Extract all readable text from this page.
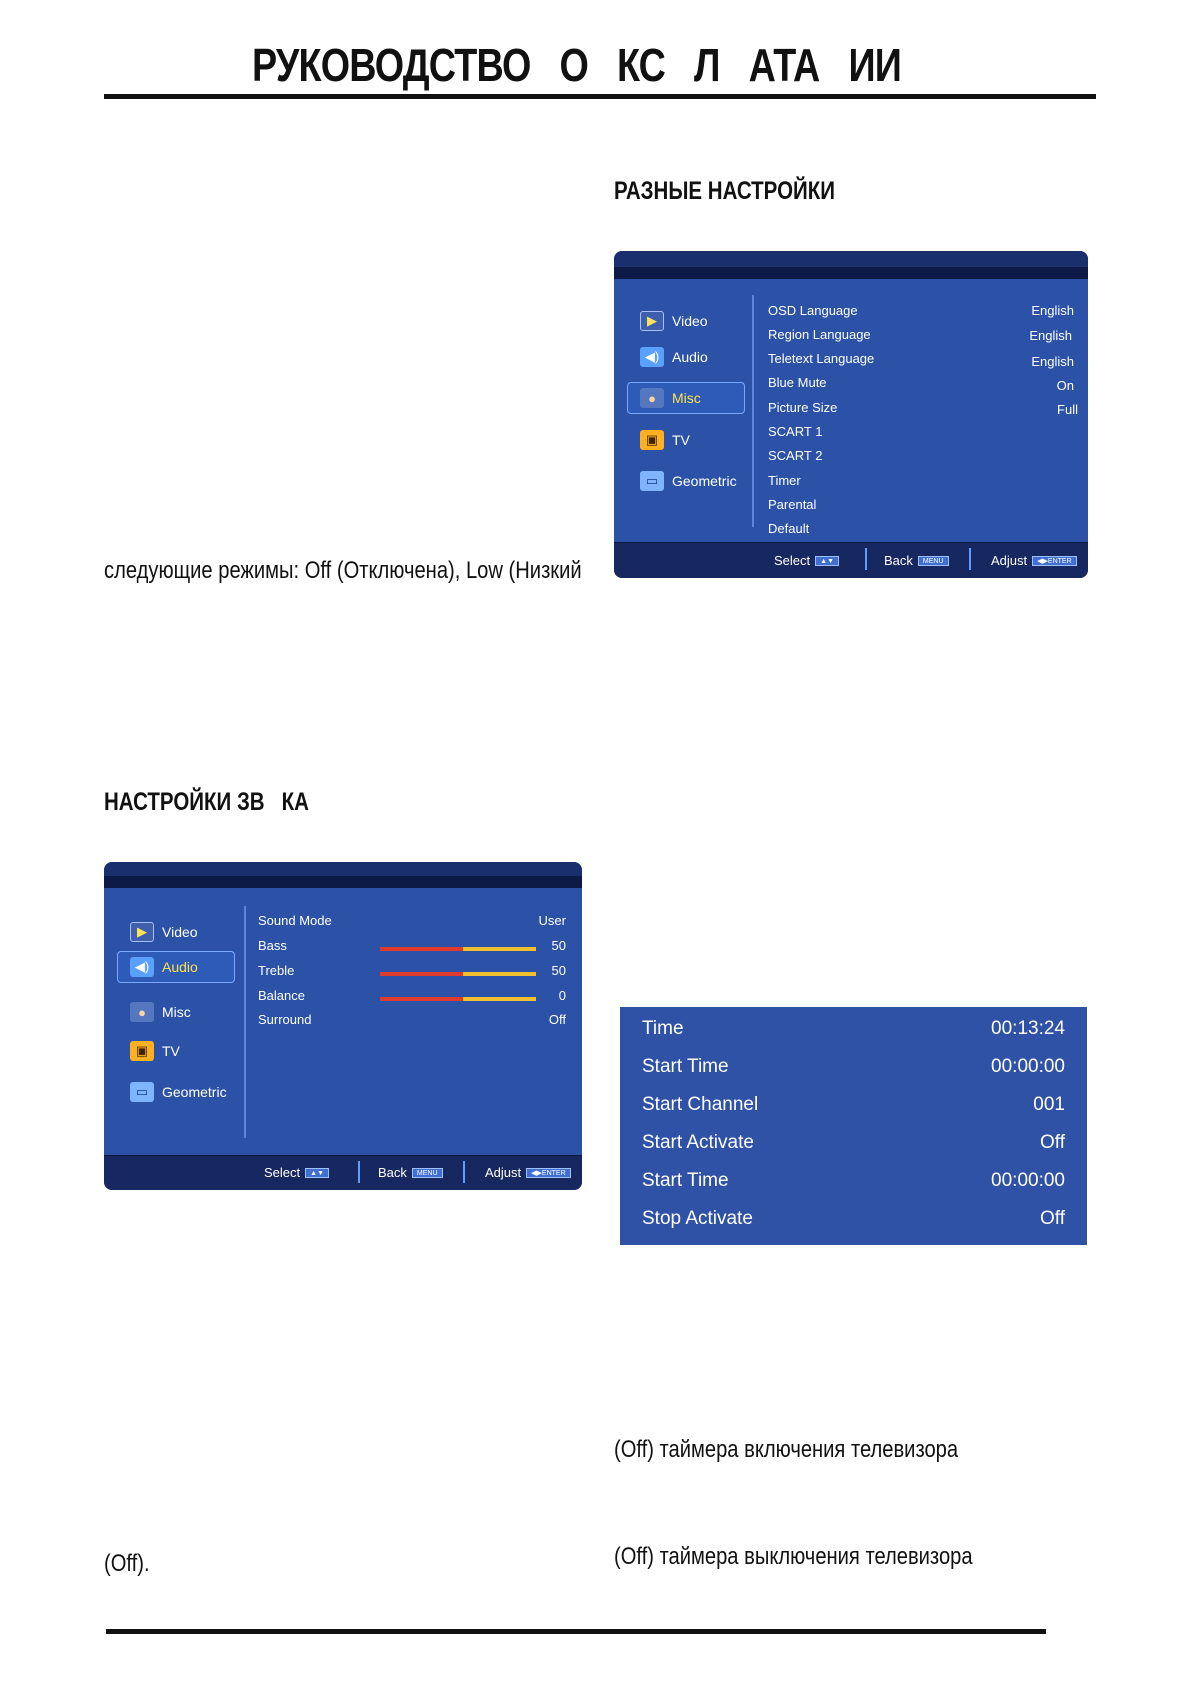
РУКОВОДСТВО   О   КС   Л   АТА   ИИ
РАЗНЫЕ НАСТРОЙКИ
▶	Video
◀) Audio
●	Misc
▣ TV
▭ Geometric
OSD Language	English
Region Language	English
Teletext Language	English
Blue Mute	On
Picture Size	Full
SCART 1
SCART 2
Timer
Parental
Default
Select	▲▼	Back	MENU	Adjust	◀▶ENTER
следующие режимы: Off (Отключена), Low (Низкий
НАСТРОЙКИ ЗВ   КА
▶	Video
◀) Audio
●	Misc
▣ TV
▭ Geometric
Sound Mode	User
Bass	50
Treble	50
Balance	0
Surround	Off
Select	▲▼	Back	MENU	Adjust	◀▶ENTER
Time	00:13:24
Start Time	00:00:00
Start Channel	001
Start Activate	Off
Start Time	00:00:00
Stop Activate	Off
(Off) таймера включения телевизора
(Off) таймера выключения телевизора
(Off).
